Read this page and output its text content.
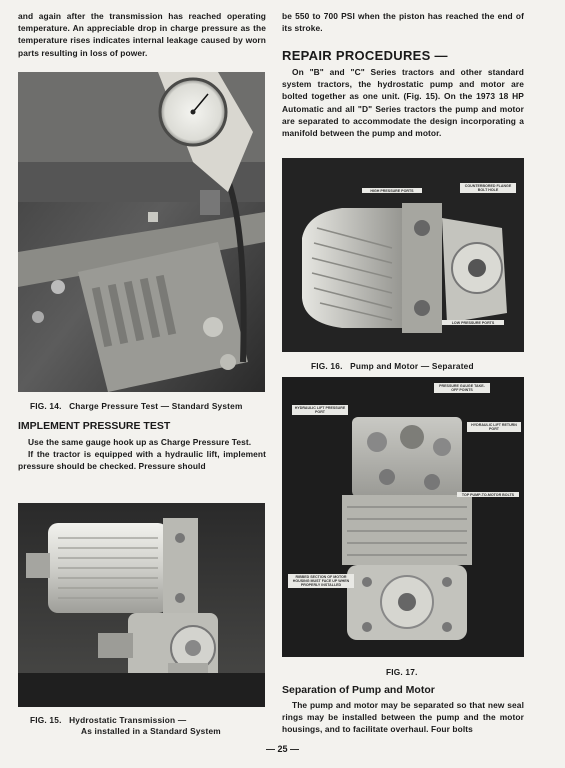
and again after the transmission has reached operating temperature. An appreciable drop in charge pressure as the temperature rises indicates internal leakage caused by worn parts resulting in loss of power.

FIG. 14.   Charge Pressure Test — Standard System
IMPLEMENT PRESSURE TEST

Use the same gauge hook up as Charge Pressure Test.

If the tractor is equipped with a hydraulic lift, implement pressure should be checked. Pressure should

FIG. 15.   Hydrostatic Transmission —
As installed in a Standard System

be 550 to 700 PSI when the piston has reached the end of its stroke.

REPAIR PROCEDURES —

On "B" and "C" Series tractors and other standard system tractors, the hydrostatic pump and motor are bolted together as one unit. (Fig. 15). On the 1973 18 HP Automatic and all "D" Series tractors the pump and motor are separated to accommodate the design incorporating a manifold between the pump and motor.

HIGH PRESSURE PORTS
COUNTERBORED FLANGE BOLT HOLE
LOW PRESSURE PORTS
FIG. 16.   Pump and Motor — Separated
PRESSURE GAUGE TAKE-OFF POINTS
HYDRAULIC LIFT PRESSURE PORT
HYDRAULIC LIFT RETURN PORT
TOP PUMP-TO-MOTOR BOLTS
RIBBED SECTION OF MOTOR HOUSING MUST FACE UP WHEN PROPERLY INSTALLED
FIG. 17.
Separation of Pump and Motor

The pump and motor may be separated so that new seal rings may be installed between the pump and the motor housings, and to facilitate overhaul. Four bolts

— 25 —
